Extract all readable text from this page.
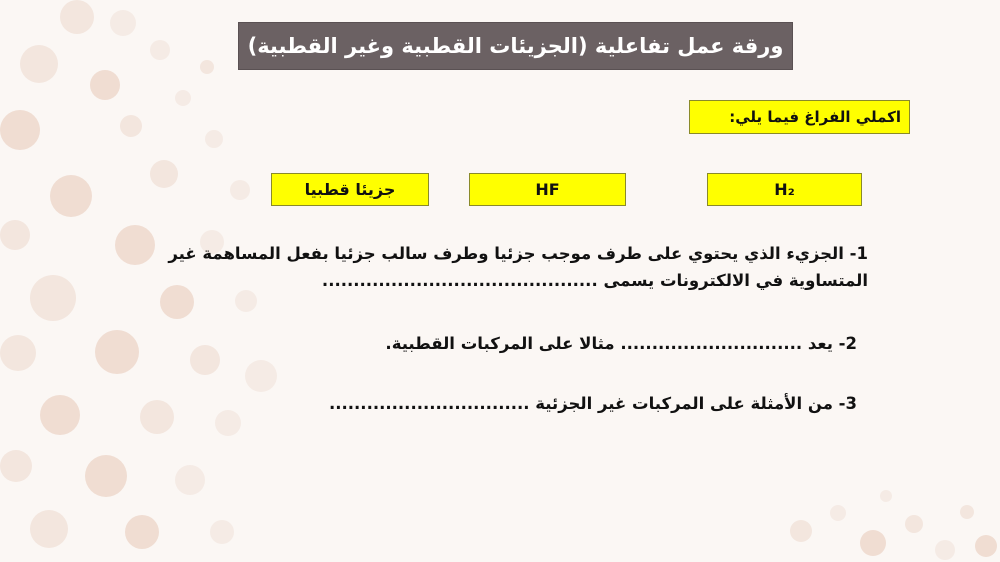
ورقة عمل تفاعلية (الجزيئات القطبية وغير القطبية)
اكملي الفراغ فيما يلي:
جزيئا قطبيا	HF	H₂
1- الجزيء الذي يحتوي على طرف موجب جزئيا وطرف سالب جزئيا بفعل المساهمة غير
المتساوية في الالكترونات يسمى ............................................
2- يعد ............................. مثالا على المركبات القطبية.
3- من الأمثلة على المركبات غير الجزئية ................................
